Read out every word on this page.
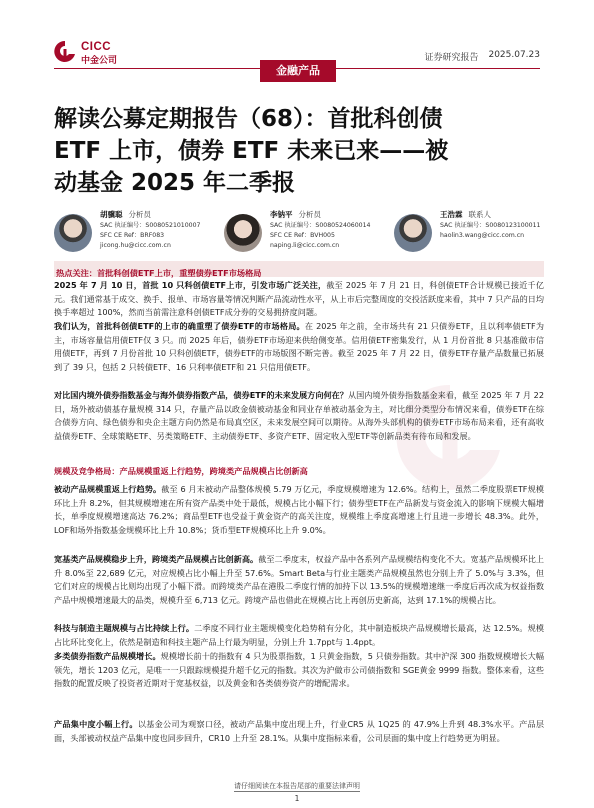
CICC
中金公司	证券研究报告 2025.07.23
金融产品
解读公募定期报告（68）：首批科创债
ETF 上市，债券 ETF 未来已来——被
动基金 2025 年二季报
胡骥聪 分析员
SAC 执证编号：S0080521010007
SFC CE Ref：BRF083
jicong.hu@cicc.com.cn
李钠平 分析员
SAC 执证编号：S0080524060014
SFC CE Ref：BVH005
naping.li@cicc.com.cn
王浩霖 联系人
SAC 执证编号：S0080123100011
haolin3.wang@cicc.com.cn
热点关注：首批科创债ETF上市，重塑债券ETF市场格局

2025 年 7 月 10 日，首批 10 只科创债ETF上市，引发市场广泛关注，截至 2025 年 7 月 21 日，科创债ETF合计规模已接近千亿元。我们通常基于成交、换手、报单、市场容量等情况判断产品流动性水平，从上市后完整周度的交投活跃度来看，其中 7 只产品的日均换手率超过 100%，然而当前需注意科创债ETF成分券的交易拥挤度问题。

我们认为，首批科创债ETF的上市的确重塑了债券ETF的市场格局。在 2025 年之前，全市场共有 21 只债券ETF，且以利率债ETF为主，市场容量信用债ETF仅 3 只。而 2025 年后，债券ETF市场迎来供给侧变革。信用债ETF密集发行，从 1 月份首批 8 只基准做市信用债ETF，再到 7 月份首批 10 只科创债ETF，债券ETF的市场版图不断完善。截至 2025 年 7 月 22 日，债券ETF存量产品数量已拓展到了 39 只，包括 2 只转债ETF、16 只利率债ETF和 21 只信用债ETF。

对比国内境外债券指数基金与海外债券指数产品，债券ETF的未来发展方向何在？从国内境外债券指数基金来看，截至 2025 年 7 月 22 日，场外被动债基存量规模 314 只，存量产品以政金债被动基金和同业存单被动基金为主，对比细分类型分布情况来看，债券ETF在综合债券方向、绿色债券和央企主题方向仍然是布局真空区，未来发展空间可以期待。从海外头部机构的债券ETF市场布局来看，还有高收益债券ETF、全球策略ETF、另类策略ETF、主动债券ETF、多资产ETF、固定收入型ETF等创新品类有待布局和发展。

规模及竞争格局：产品规模重返上行趋势，跨境类产品规模占比创新高

被动产品规模重返上行趋势。截至 6 月末被动产品整体规模 5.79 万亿元，季度规模增速为 12.6%。结构上，虽然二季度股票ETF规模环比上升 8.2%，但其规模增速在所有资产品类中处于最低，规模占比小幅下行；债券型ETF在产品新发与资金流入的影响下规模大幅增长，单季度规模增速高达 76.2%；商品型ETF也受益于黄金资产的高关注度，规模维上季度高增速上行且进一步增长 48.3%。此外，LOF和场外指数基金规模环比上升 10.8%；货币型ETF规模环比上升 9.0%。

宽基类产品规模稳步上升，跨境类产品规模占比创新高。截至二季度末，权益产品中各系列产品规模结构变化不大。宽基产品规模环比上升 8.0%至 22,689 亿元，对应规模占比小幅上升至 57.6%。Smart Beta与行业主题类产品规模虽然也分别上升了 5.0%与 3.3%，但它们对应的规模占比则均出现了小幅下滑。而跨境类产品在港股二季度行情的加持下以 13.5%的规模增速继一季度后再次成为权益指数产品中规模增速最大的品类，规模升至 6,713 亿元。跨境产品也借此在规模占比上再创历史新高，达到 17.1%的规模占比。

科技与制造主题规模与占比持续上行。二季度不同行业主题规模变化趋势稍有分化，其中制造板块产品规模增长最高，达 12.5%。规模占比环比变化上，依然是制造和科技主题产品上行最为明显，分别上升 1.7ppt与 1.4ppt。

多类债券指数产品规模增长。规模增长前十的指数有 4 只为股票指数，1 只黄金指数，5 只债券指数。其中沪深 300 指数规模增长大幅领先，增长 1203 亿元，是唯一一只跟踪规模提升超千亿元的指数。其次为沪做市公司债指数和 SGE黄金 9999 指数。整体来看，这些指数的配置反映了投资者近期对于宽基权益，以及黄金和各类债券资产的增配需求。

产品集中度小幅上行。以基金公司为观察口径，被动产品集中度出现上升，行业CR5 从 1Q25 的 47.9%上升到 48.3%水平。产品层面，头部被动权益产品集中度也同步回升，CR10 上升至 28.1%。从集中度指标来看，公司层面的集中度上行趋势更为明显。

请仔细阅读在本报告尾部的重要法律声明
1
